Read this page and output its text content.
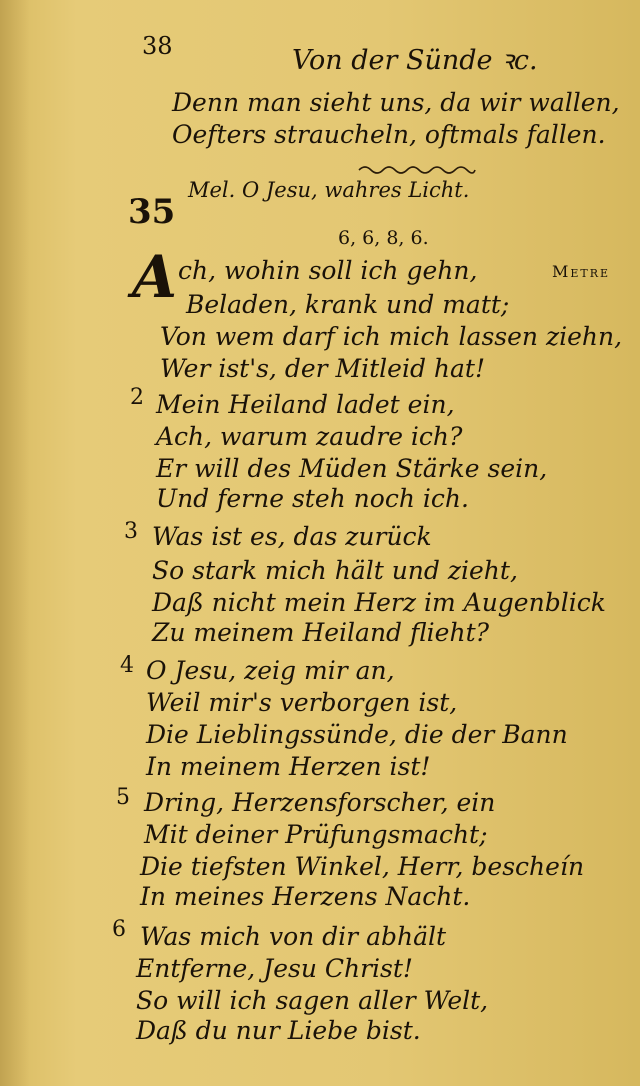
38	Von der Sünde ꝛc.
Denn man sieht uns, da wir wallen,
Oefters straucheln, oftmals fallen.
35
Mel. O Jesu, wahres Licht.
6, 6, 8, 6.
Metre
A ch, wohin soll ich gehn,
Beladen, krank und matt;
Von wem darf ich mich lassen ziehn,
Wer ist's, der Mitleid hat!
2 Mein Heiland ladet ein,
Ach, warum zaudre ich?
Er will des Müden Stärke sein,
Und ferne steh noch ich.
3 Was ist es, das zurück
So stark mich hält und zieht,
Daß nicht mein Herz im Augenblick
Zu meinem Heiland flieht?
4 O Jesu, zeig mir an,
Weil mir's verborgen ist,
Die Lieblingssünde, die der Bann
In meinem Herzen ist!
5 Dring, Herzensforscher, ein
Mit deiner Prüfungsmacht;
Die tiefsten Winkel, Herr, bescheín
In meines Herzens Nacht.
6 Was mich von dir abhält
Entferne, Jesu Christ!
So will ich sagen aller Welt,
Daß du nur Liebe bist.
